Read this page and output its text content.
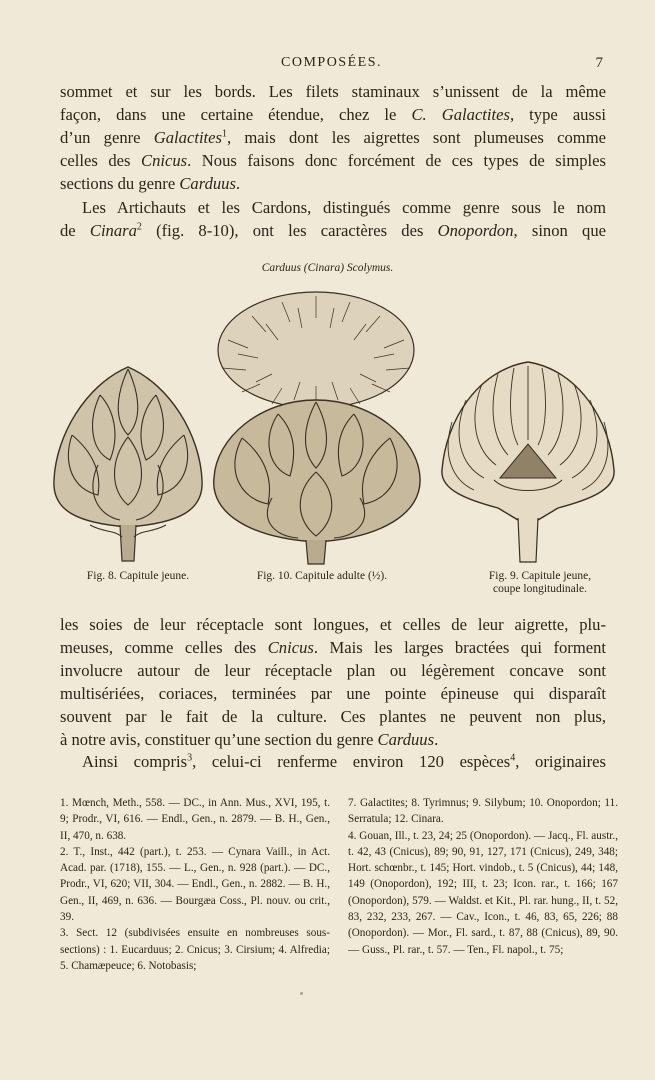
COMPOSÉES.	7
sommet et sur les bords. Les filets staminaux s’unissent de la même
façon, dans une certaine étendue, chez le C. Galactites, type aussi
d’un genre Galactites$^1$, mais dont les aigrettes sont plumeuses comme
celles des Cnicus. Nous faisons donc forcément de ces types de simples
sections du genre Carduus.
Les Artichauts et les Cardons, distingués comme genre sous le nom
de Cinara$^2$ (fig. 8-10), ont les caractères des Onopordon, sinon que
Carduus (Cinara) Scolymus.
Fig. 8. Capitule jeune.	Fig. 10. Capitule adulte (½).	Fig. 9. Capitule jeune,
coupe longitudinale.
les soies de leur réceptacle sont longues, et celles de leur aigrette, plu-
meuses, comme celles des Cnicus. Mais les larges bractées qui forment
involucre autour de leur réceptacle plan ou légèrement concave sont
multisériées, coriaces, terminées par une pointe épineuse qui disparaît
souvent par le fait de la culture. Ces plantes ne peuvent non plus,
à notre avis, constituer qu’une section du genre Carduus.
Ainsi compris$^3$, celui-ci renferme environ 120 espèces$^4$, originaires

1. Mœnch, Meth., 558. — DC., in Ann. Mus., XVI, 195, t. 9; Prodr., VI, 616. — Endl., Gen., n. 2879. — B. H., Gen., II, 470, n. 638.

2. T., Inst., 442 (part.), t. 253. — Cynara Vaill., in Act. Acad. par. (1718), 155. — L., Gen., n. 928 (part.). — DC., Prodr., VI, 620; VII, 304. — Endl., Gen., n. 2882. — B. H., Gen., II, 469, n. 636. — Bourgæa Coss., Pl. nouv. ou crit., 39.

3. Sect. 12 (subdivisées ensuite en nombreuses sous-sections) : 1. Eucarduus; 2. Cnicus; 3. Cirsium; 4. Alfredia; 5. Chamæpeuce; 6. Notobasis;

7. Galactites; 8. Tyrimnus; 9. Silybum; 10. Onopordon; 11. Serratula; 12. Cinara.

4. Gouan, Ill., t. 23, 24; 25 (Onopordon). — Jacq., Fl. austr., t. 42, 43 (Cnicus), 89; 90, 91, 127, 171 (Cnicus), 249, 348; Hort. schœnbr., t. 145; Hort. vindob., t. 5 (Cnicus), 44; 148, 149 (Onopordon), 192; III, t. 23; Icon. rar., t. 166; 167 (Onopordon), 579. — Waldst. et Kit., Pl. rar. hung., II, t. 52, 83, 232, 233, 267. — Cav., Icon., t. 46, 83, 65, 226; 88 (Onopordon). — Mor., Fl. sard., t. 87, 88 (Cnicus), 89, 90. — Guss., Pl. rar., t. 57. — Ten., Fl. napol., t. 75;
